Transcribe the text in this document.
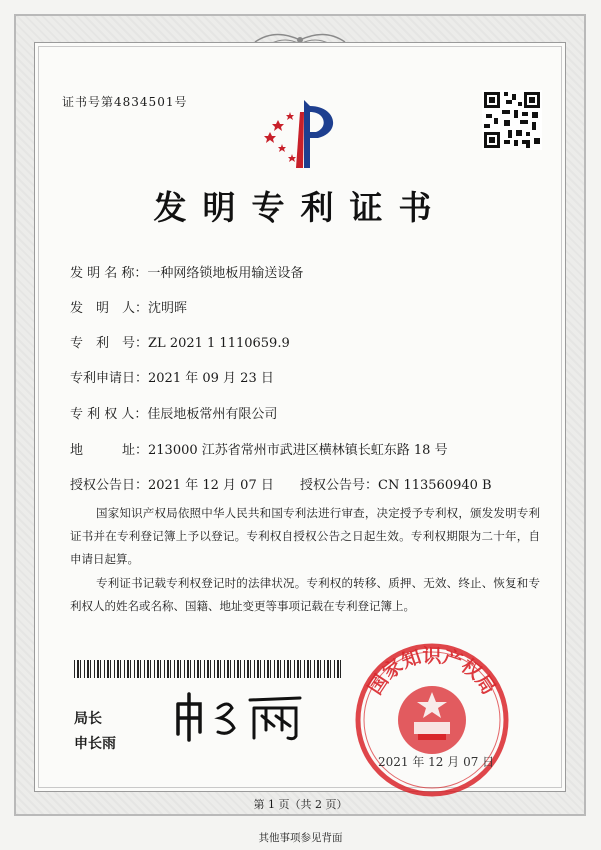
证书号第4834501号
发明专利证书
发 明 名 称：一种网络锁地板用输送设备
发　明　人：沈明晖
专　利　号：ZL 2021 1 1110659.9
专利申请日：2021 年 09 月 23 日
专 利 权 人：佳辰地板常州有限公司
地　　　址：213000 江苏省常州市武进区横林镇长虹东路 18 号
授权公告日：2021 年 12 月 07 日 授权公告号：CN 113560940 B
国家知识产权局依照中华人民共和国专利法进行审查，决定授予专利权，颁发发明专利证书并在专利登记簿上予以登记。专利权自授权公告之日起生效。专利权期限为二十年，自申请日起算。
专利证书记载专利权登记时的法律状况。专利权的转移、质押、无效、终止、恢复和专利权人的姓名或名称、国籍、地址变更等事项记载在专利登记簿上。
局长
申长雨
国家知识产权局
2021 年 12 月 07 日
第 1 页（共 2 页）
其他事项参见背面
